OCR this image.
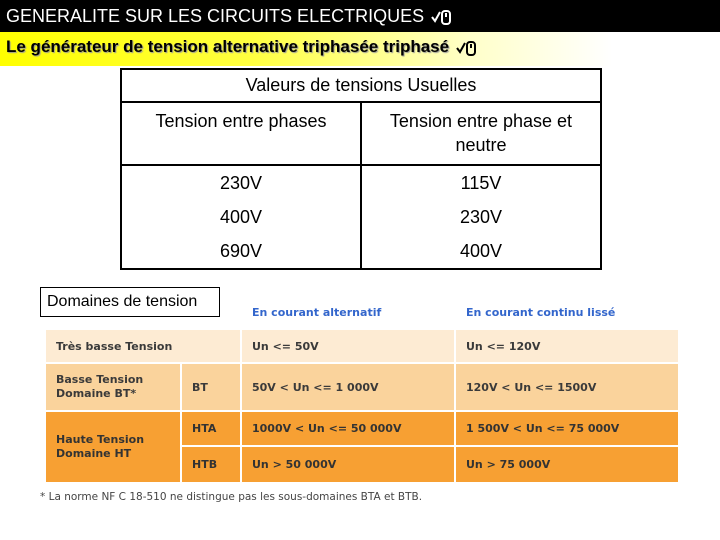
GENERALITE SUR LES CIRCUITS ELECTRIQUES
Le générateur de tension alternative triphasée triphasé
Valeurs de tensions Usuelles	
Tension entre phases	Tension entre phase et neutre
230V	115V
400V	230V
690V	400V
En courant alternatif	En courant continu lissé
Très basse Tension	Un <= 50V	Un <= 120V
Basse Tension Domaine BT*	BT	50V < Un <= 1 000V	120V < Un <= 1500V
Haute Tension Domaine HT
HTA	1000V < Un <= 50 000V	1 500V < Un <= 75 000V
HTB	Un > 50 000V	Un > 75 000V
* La norme NF C 18-510 ne distingue pas les sous-domaines BTA et BTB.
Domaines de tension
